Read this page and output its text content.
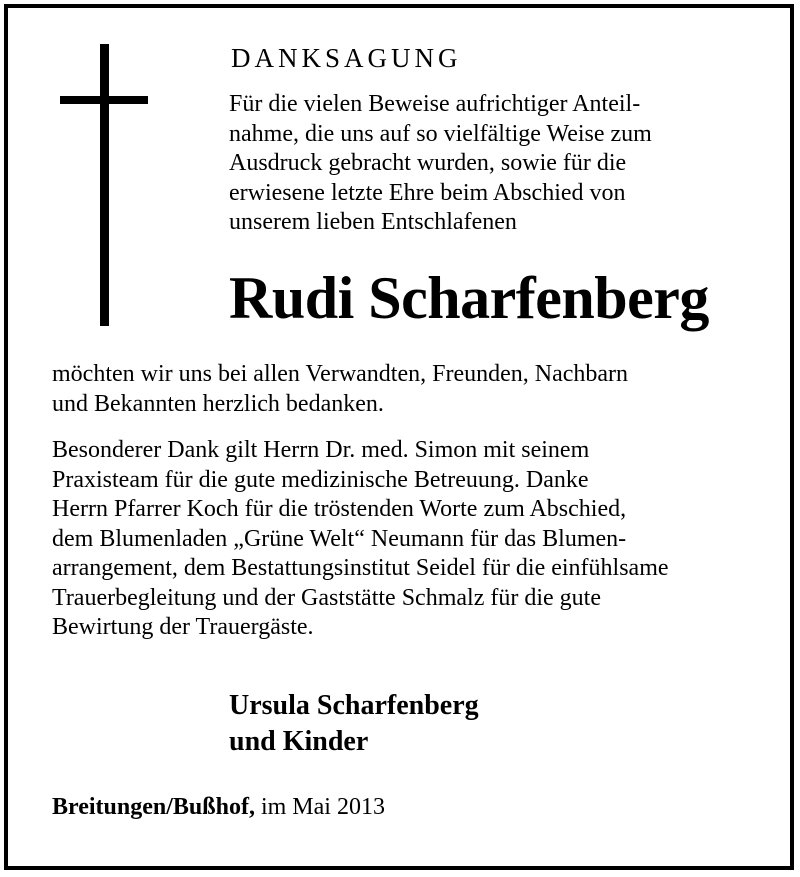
DANKSAGUNG
Für die vielen Beweise aufrichtiger Anteil-
nahme, die uns auf so vielfältige Weise zum
Ausdruck gebracht wurden, sowie für die
erwiesene letzte Ehre beim Abschied von
unserem lieben Entschlafenen
Rudi Scharfenberg
möchten wir uns bei allen Verwandten, Freunden, Nachbarn
und Bekannten herzlich bedanken.
Besonderer Dank gilt Herrn Dr. med. Simon mit seinem
Praxisteam für die gute medizinische Betreuung. Danke
Herrn Pfarrer Koch für die tröstenden Worte zum Abschied,
dem Blumenladen „Grüne Welt“ Neumann für das Blumen-
arrangement, dem Bestattungsinstitut Seidel für die einfühlsame
Trauerbegleitung und der Gaststätte Schmalz für die gute
Bewirtung der Trauergäste.
Ursula Scharfenberg
und Kinder
Breitungen/Bußhof, im Mai 2013
